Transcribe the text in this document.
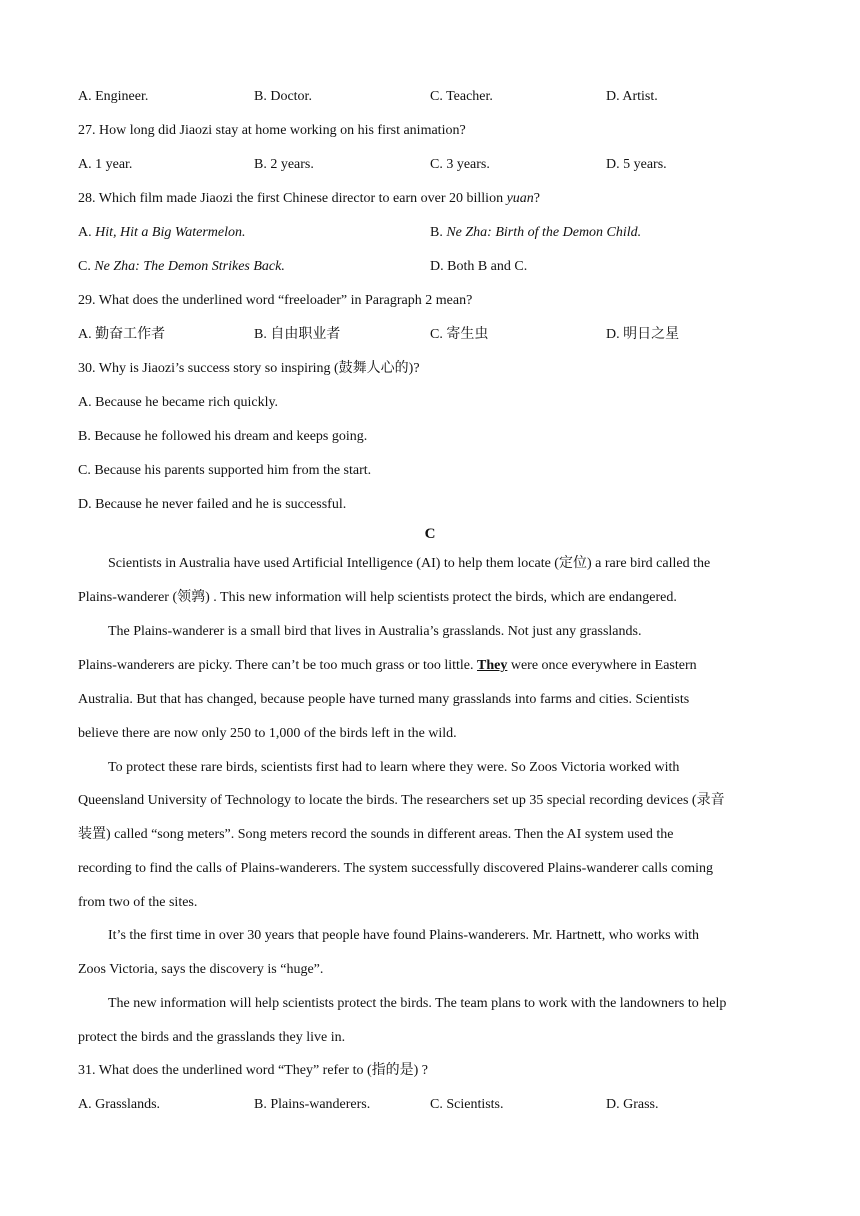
A. Engineer.	B. Doctor.	C. Teacher.	D. Artist.
27. How long did Jiaozi stay at home working on his first animation?
A. 1 year.	B. 2 years.	C. 3 years.	D. 5 years.
28. Which film made Jiaozi the first Chinese director to earn over 20 billion yuan?
A. Hit, Hit a Big Watermelon.	B. Ne Zha: Birth of the Demon Child.
C. Ne Zha: The Demon Strikes Back.	D. Both B and C.
29. What does the underlined word “freeloader” in Paragraph 2 mean?
A. 勤奋工作者	B. 自由职业者	C. 寄生虫	D. 明日之星
30. Why is Jiaozi’s success story so inspiring (鼓舞人心的)?
A. Because he became rich quickly.
B. Because he followed his dream and keeps going.
C. Because his parents supported him from the start.
D. Because he never failed and he is successful.
C
Scientists in Australia have used Artificial Intelligence (AI) to help them locate (定位) a rare bird called the
Plains-wanderer (领鹑) . This new information will help scientists protect the birds, which are endangered.
The Plains-wanderer is a small bird that lives in Australia’s grasslands. Not just any grasslands.
Plains-wanderers are picky. There can’t be too much grass or too little. They were once everywhere in Eastern
Australia. But that has changed, because people have turned many grasslands into farms and cities. Scientists
believe there are now only 250 to 1,000 of the birds left in the wild.
To protect these rare birds, scientists first had to learn where they were. So Zoos Victoria worked with
Queensland University of Technology to locate the birds. The researchers set up 35 special recording devices (录音
装置) called “song meters”. Song meters record the sounds in different areas. Then the AI system used the
recording to find the calls of Plains-wanderers. The system successfully discovered Plains-wanderer calls coming
from two of the sites.
It’s the first time in over 30 years that people have found Plains-wanderers. Mr. Hartnett, who works with
Zoos Victoria, says the discovery is “huge”.
The new information will help scientists protect the birds. The team plans to work with the landowners to help
protect the birds and the grasslands they live in.
31. What does the underlined word “They” refer to (指的是) ?
A. Grasslands.	B. Plains-wanderers.	C. Scientists.	D. Grass.
